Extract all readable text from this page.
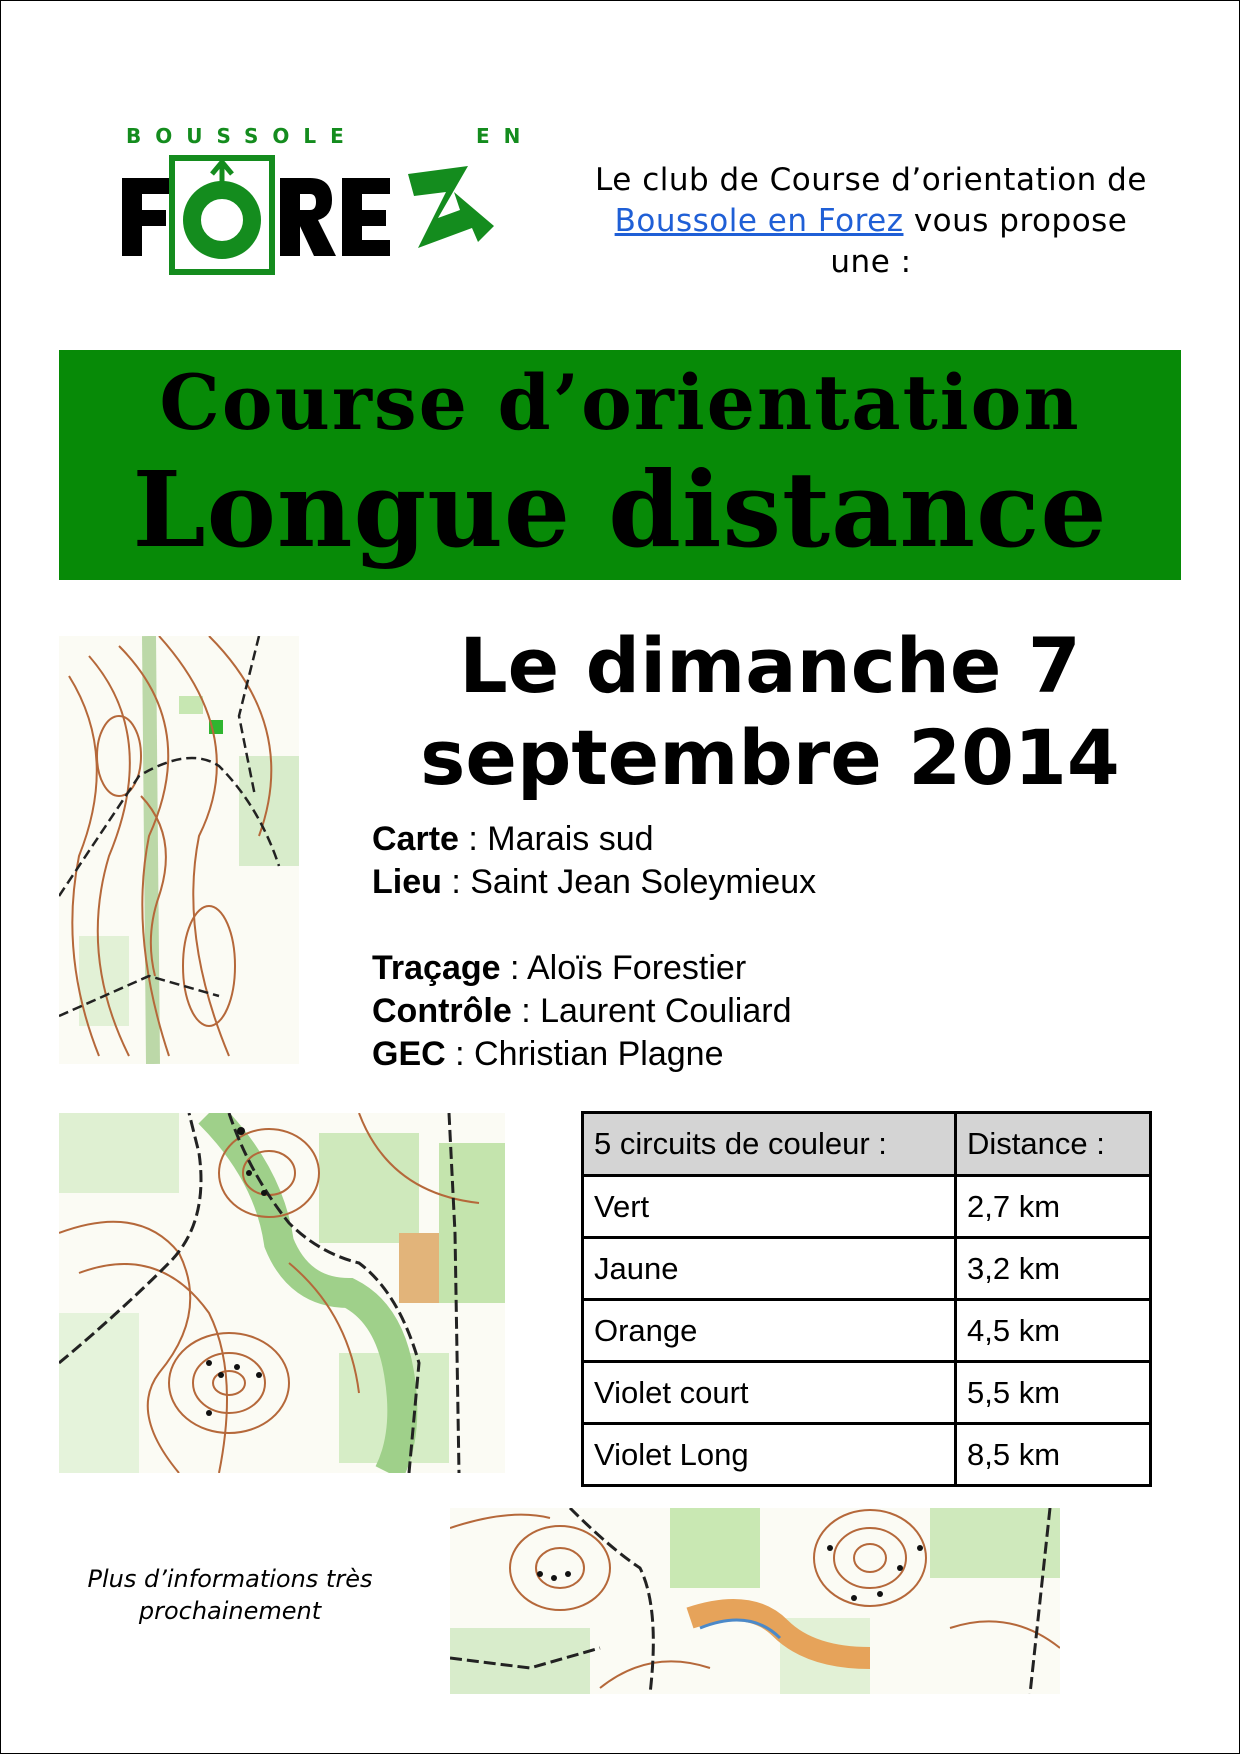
BOUSSOLE	EN
Le club de Course d’orientation de
Boussole en Forez vous propose
une :
Course d’orientation
Longue distance
Le dimanche 7
septembre 2014
Carte : Marais sud
Lieu : Saint Jean Soleymieux
Traçage : Aloïs Forestier
Contrôle : Laurent Couliard
GEC : Christian Plagne
5 circuits de couleur :	Distance :
Vert	2,7 km
Jaune	3,2 km
Orange	4,5 km
Violet court	5,5 km
Violet Long	8,5 km
Plus d’informations très
prochainement
